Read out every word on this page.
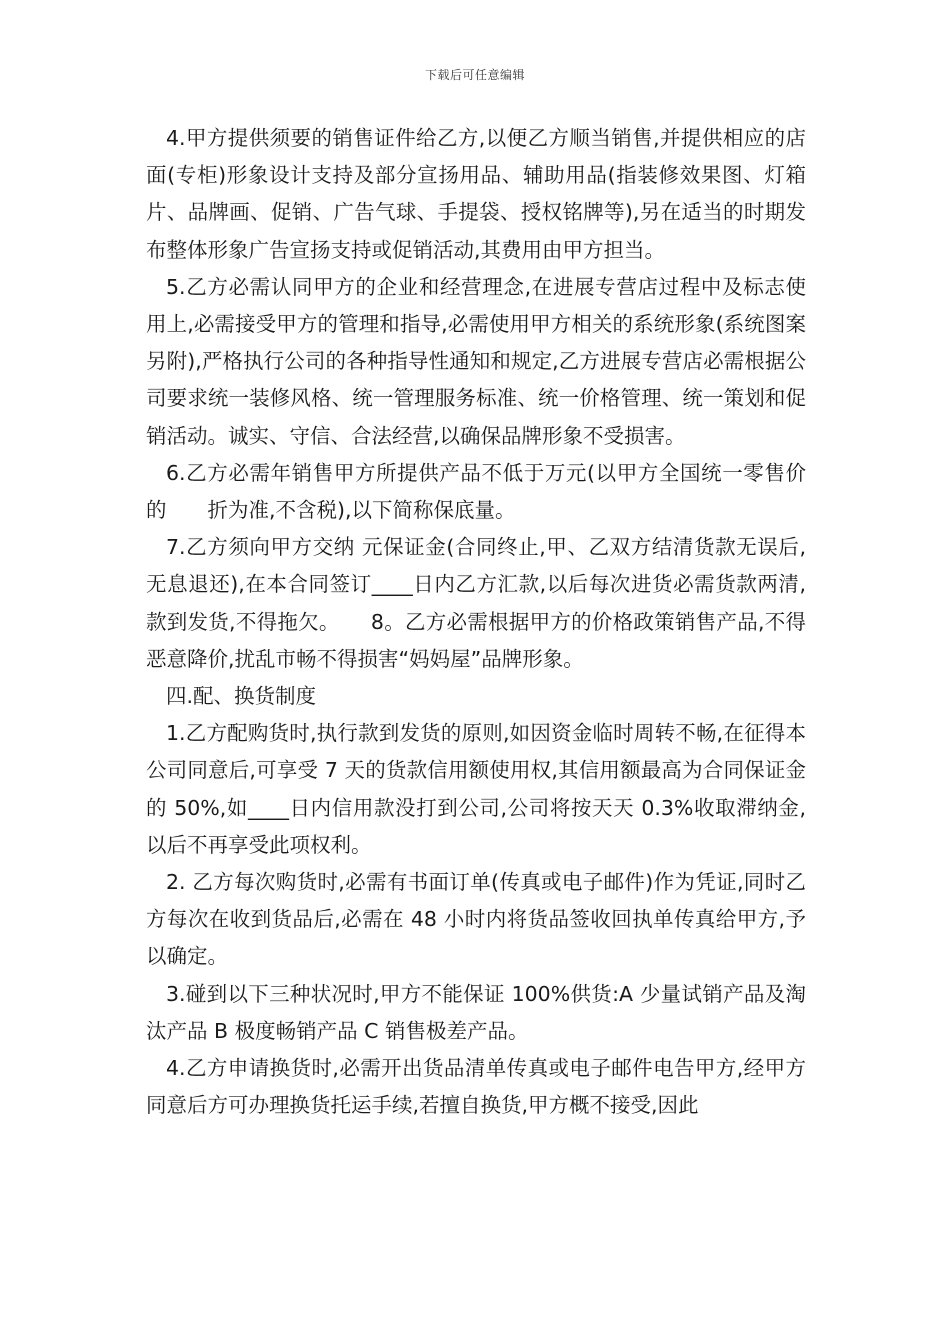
下载后可任意编辑

4.甲方提供须要的销售证件给乙方,以便乙方顺当销售,并提供相应的店面(专柜)形象设计支持及部分宣扬用品、辅助用品(指装修效果图、灯箱片、品牌画、促销、广告气球、手提袋、授权铭牌等),另在适当的时期发布整体形象广告宣扬支持或促销活动,其费用由甲方担当。

5.乙方必需认同甲方的企业和经营理念,在进展专营店过程中及标志使用上,必需接受甲方的管理和指导,必需使用甲方相关的系统形象(系统图案另附),严格执行公司的各种指导性通知和规定,乙方进展专营店必需根据公司要求统一装修风格、统一管理服务标准、统一价格管理、统一策划和促销活动。诚实、守信、合法经营,以确保品牌形象不受损害。

6.乙方必需年销售甲方所提供产品不低于万元(以甲方全国统一零售价的　　折为准,不含税),以下简称保底量。

7.乙方须向甲方交纳 元保证金(合同终止,甲、乙双方结清货款无误后,无息退还),在本合同签订____日内乙方汇款,以后每次进货必需货款两清,款到发货,不得拖欠。　　8。乙方必需根据甲方的价格政策销售产品,不得恶意降价,扰乱市畅不得损害“妈妈屋”品牌形象。

四.配、换货制度

1.乙方配购货时,执行款到发货的原则,如因资金临时周转不畅,在征得本公司同意后,可享受 7 天的货款信用额使用权,其信用额最高为合同保证金的 50%,如____日内信用款没打到公司,公司将按天天 0.3%收取滞纳金,以后不再享受此项权利。

2. 乙方每次购货时,必需有书面订单(传真或电子邮件)作为凭证,同时乙方每次在收到货品后,必需在 48 小时内将货品签收回执单传真给甲方,予以确定。

3.碰到以下三种状况时,甲方不能保证 100%供货:A 少量试销产品及淘汰产品 B 极度畅销产品 C 销售极差产品。

4.乙方申请换货时,必需开出货品清单传真或电子邮件电告甲方,经甲方同意后方可办理换货托运手续,若擅自换货,甲方概不接受,因此
